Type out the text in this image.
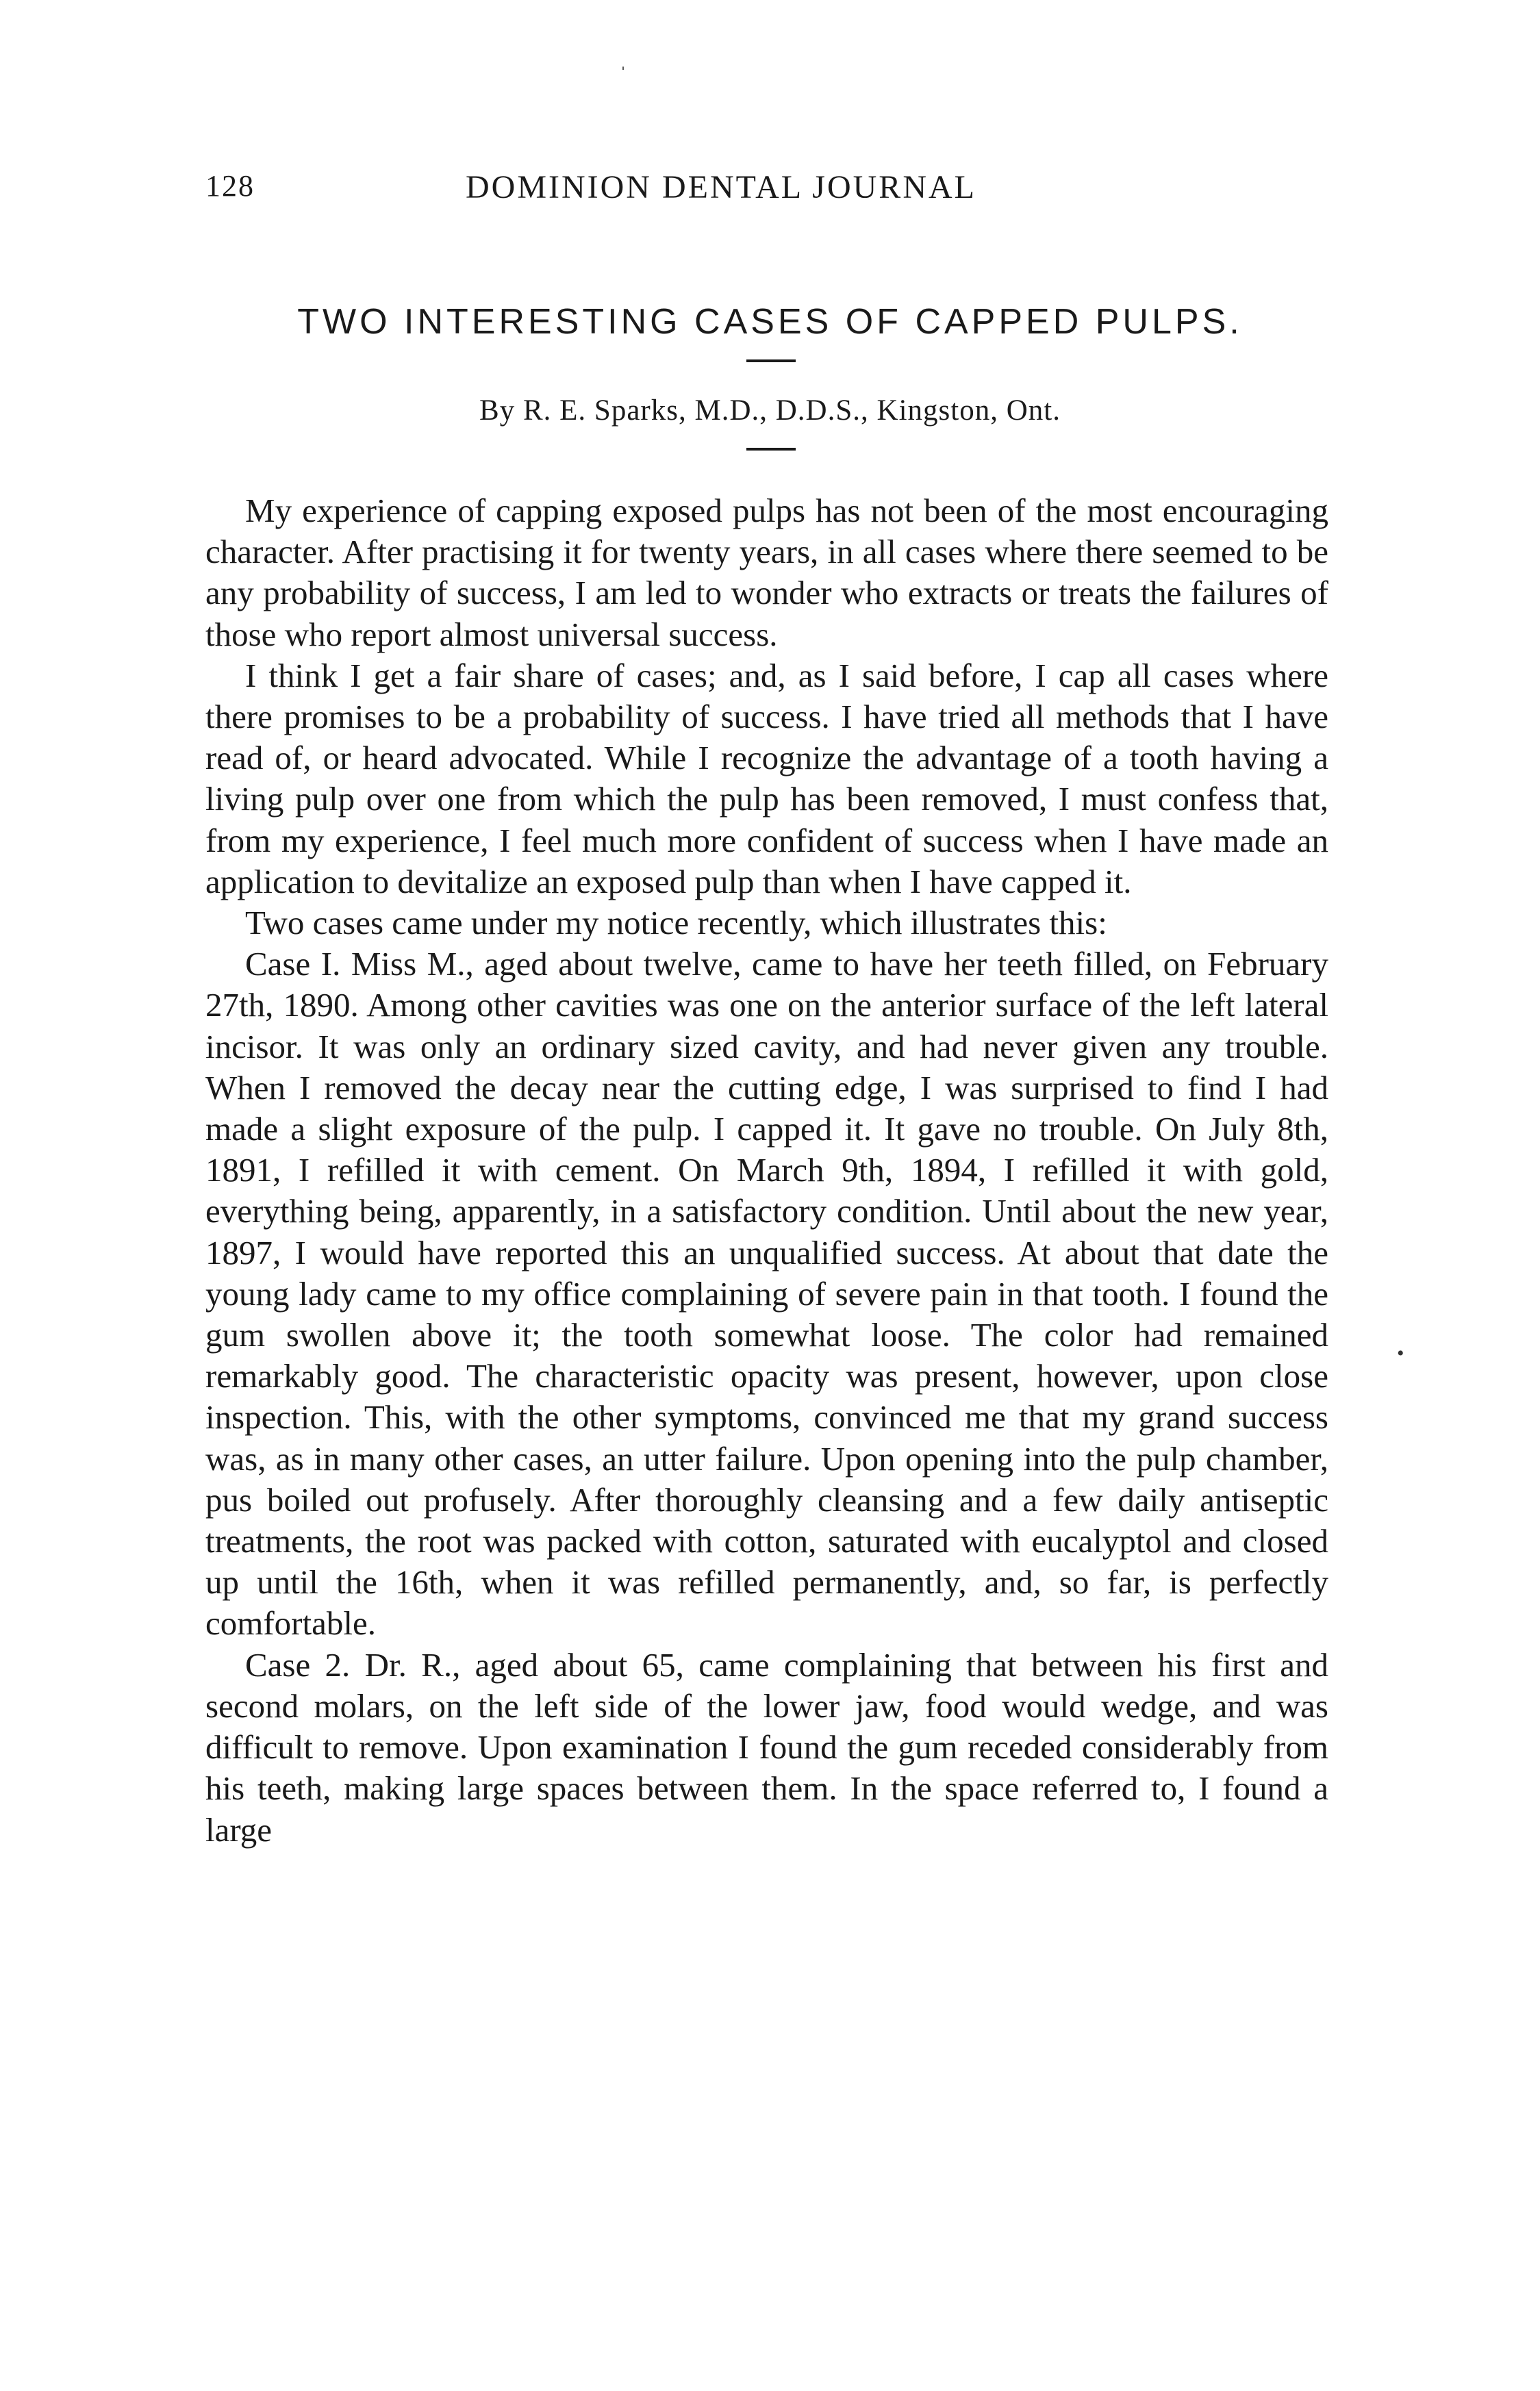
128	DOMINION DENTAL JOURNAL
TWO INTERESTING CASES OF CAPPED PULPS.
By R. E. Sparks, M.D., D.D.S., Kingston, Ont.

My experience of capping exposed pulps has not been of the most encouraging character. After practising it for twenty years, in all cases where there seemed to be any probability of success, I am led to wonder who extracts or treats the failures of those who report almost universal success.

I think I get a fair share of cases; and, as I said before, I cap all cases where there promises to be a probability of success. I have tried all methods that I have read of, or heard advocated. While I recognize the advantage of a tooth having a living pulp over one from which the pulp has been removed, I must confess that, from my experience, I feel much more confident of success when I have made an application to devitalize an exposed pulp than when I have capped it.

Two cases came under my notice recently, which illustrates this:

Case I. Miss M., aged about twelve, came to have her teeth filled, on February 27th, 1890. Among other cavities was one on the anterior surface of the left lateral incisor. It was only an ordinary sized cavity, and had never given any trouble. When I removed the decay near the cutting edge, I was surprised to find I had made a slight exposure of the pulp. I capped it. It gave no trouble. On July 8th, 1891, I refilled it with cement. On March 9th, 1894, I refilled it with gold, everything being, apparently, in a satisfactory condition. Until about the new year, 1897, I would have reported this an unqualified success. At about that date the young lady came to my office complaining of severe pain in that tooth. I found the gum swollen above it; the tooth somewhat loose. The color had remained remarkably good. The characteristic opacity was present, however, upon close inspection. This, with the other symptoms, convinced me that my grand success was, as in many other cases, an utter failure. Upon opening into the pulp chamber, pus boiled out profusely. After thoroughly cleansing and a few daily antiseptic treatments, the root was packed with cotton, saturated with eucalyptol and closed up until the 16th, when it was refilled permanently, and, so far, is perfectly comfortable.

Case 2. Dr. R., aged about 65, came complaining that between his first and second molars, on the left side of the lower jaw, food would wedge, and was difficult to remove. Upon examination I found the gum receded considerably from his teeth, making large spaces between them. In the space referred to, I found a large

ˈ
•
